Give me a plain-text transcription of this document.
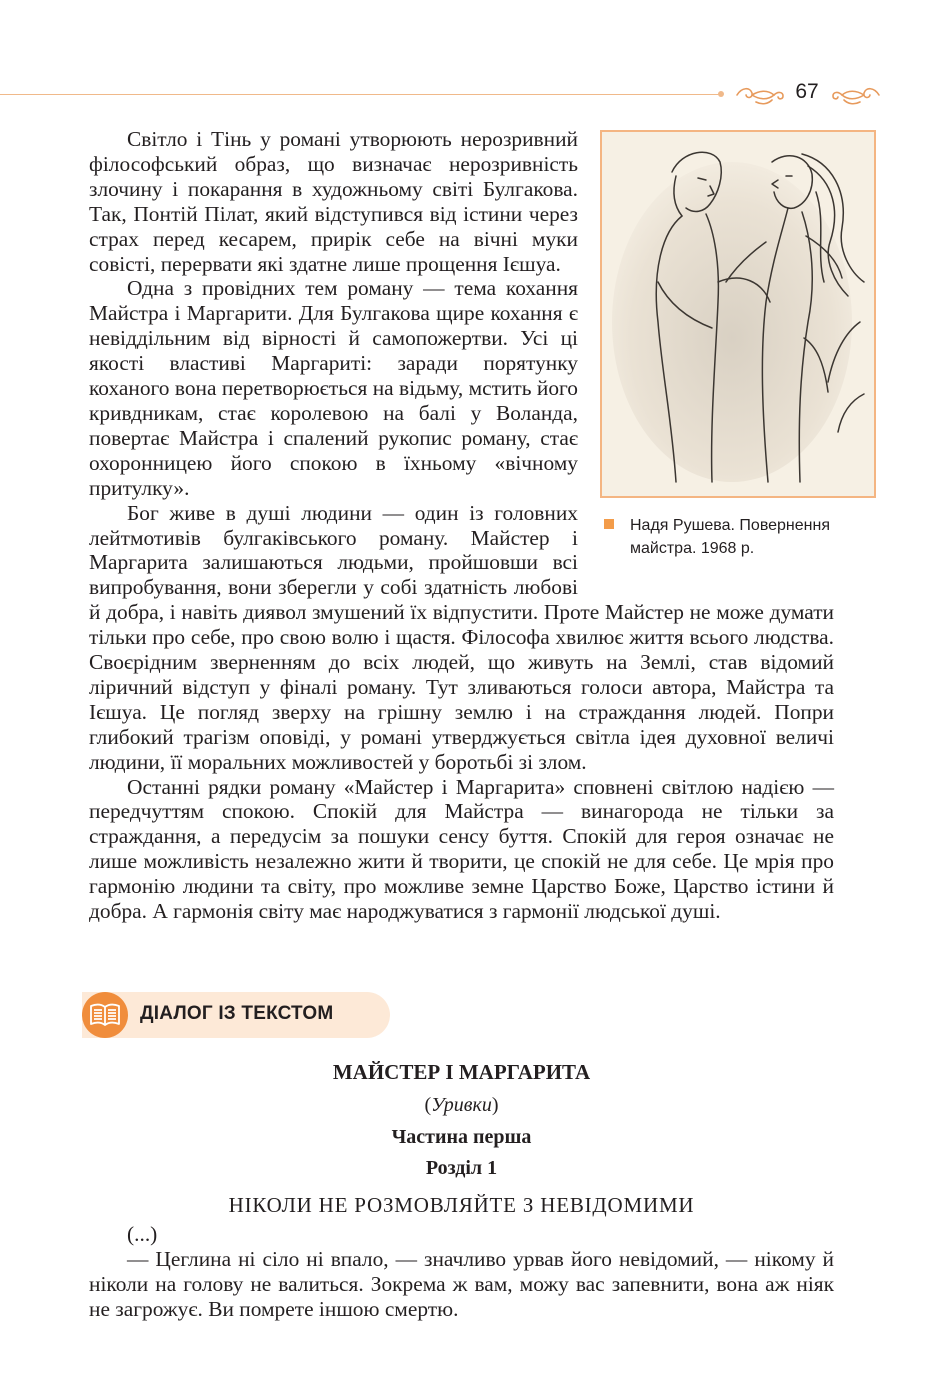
67
Надя Рушева. Повернення майстра. 1968 р.

Світло і Тінь у романі утворюють нерозривний філософський образ, що визначає нерозривність злочину і покарання в художньому світі Булгакова. Так, Понтій Пілат, який відступився від істини через страх перед кесарем, прирік себе на вічні муки совісті, перервати які здатне лише прощення Ієшуа.

Одна з провідних тем роману — тема кохання Майстра і Маргарити. Для Булгакова щире кохання є невіддільним від вірності й самопожертви. Усі ці якості властиві Маргариті: заради порятунку коханого вона перетворюється на відьму, мстить його кривдникам, стає королевою на балі у Воланда, повертає Майстра і спалений рукопис роману, стає охоронницею його спокою в їхньому «вічному притулку».

Бог живе в душі людини — один із головних лейтмотивів булгаківського роману. Майстер і Маргарита залишаються людьми, пройшовши всі випробування, вони зберегли у собі здатність любові й добра, і навіть диявол змушений їх відпустити. Проте Майстер не може думати тільки про себе, про свою волю і щастя. Філософа хвилює життя всього людства. Своєрідним зверненням до всіх людей, що живуть на Землі, став відомий ліричний відступ у фіналі роману. Тут зливаються голоси автора, Майстра та Ієшуа. Це погляд зверху на грішну землю і на страждання людей. Попри глибокий трагізм оповіді, у романі утверджується світла ідея духовної величі людини, її моральних можливостей у боротьбі зі злом.

Останні рядки роману «Майстер і Маргарита» сповнені світлою надією — передчуттям спокою. Спокій для Майстра — винагорода не тільки за страждання, а передусім за пошуки сенсу буття. Спокій для героя означає не лише можливість незалежно жити й творити, це спокій не для себе. Це мрія про гармонію людини та світу, про можливе земне Царство Боже, Царство істини й добра. А гармонія світу має народжуватися з гармонії людської душі.

ДІАЛОГ ІЗ ТЕКСТОМ
МАЙСТЕР І МАРГАРИТА
(Уривки)
Частина перша
Розділ 1
НІКОЛИ НЕ РОЗМОВЛЯЙТЕ З НЕВІДОМИМИ

(...)

— Цеглина ні сіло ні впало, — значливо урвав його невідомий, — нікому й ніколи на голову не валиться. Зокрема ж вам, можу вас запевнити, вона аж ніяк не загрожує. Ви помрете іншою смертю.
